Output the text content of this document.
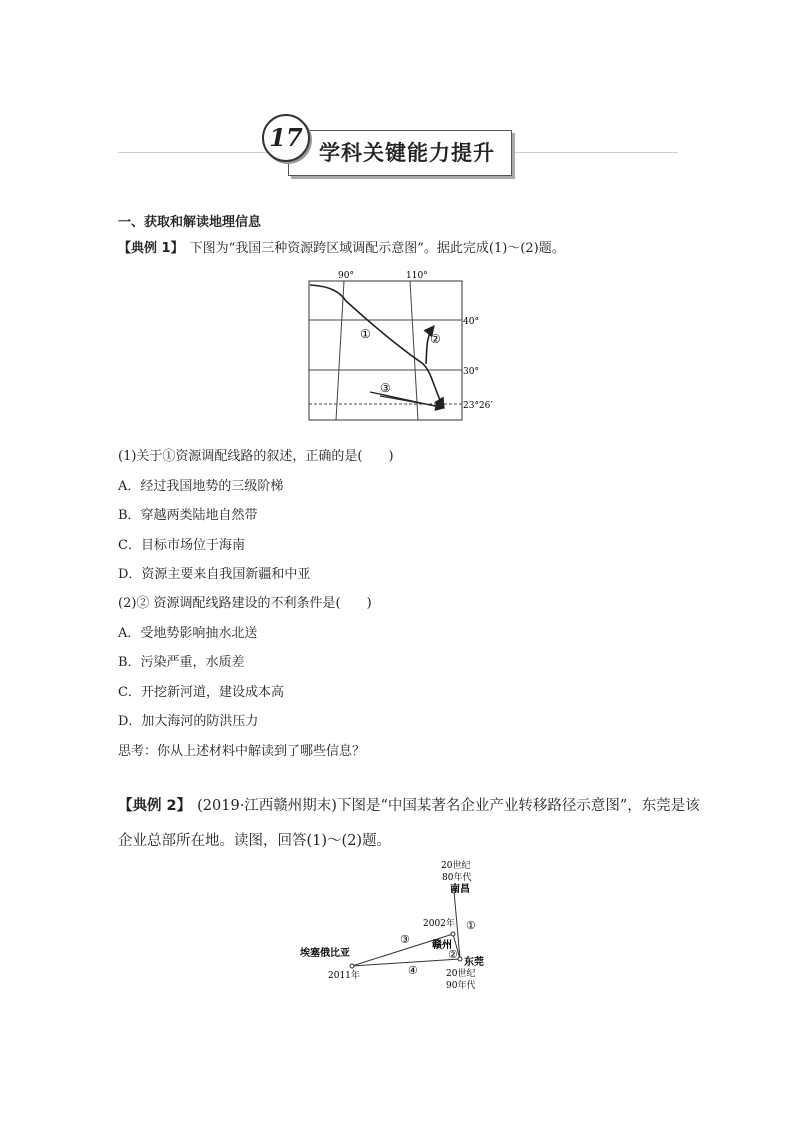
17
学科关键能力提升
一、获取和解读地理信息
【典例 1】 下图为“我国三种资源跨区域调配示意图”。据此完成(1)～(2)题。
90°	110°
40°
30°
23°26′
①	②
③
(1)关于①资源调配线路的叙述，正确的是(　　)
A．经过我国地势的三级阶梯
B．穿越两类陆地自然带
C．目标市场位于海南
D．资源主要来自我国新疆和中亚
(2)② 资源调配线路建设的不利条件是(　　)
A．受地势影响抽水北送
B．污染严重，水质差
C．开挖新河道，建设成本高
D．加大海河的防洪压力
思考：你从上述材料中解读到了哪些信息？
【典例 2】 (2019·江西赣州期末)下图是“中国某著名企业产业转移路径示意图”，东莞是该
企业总部所在地。读图，回答(1)～(2)题。
20世纪
80年代
南昌
2002年
赣州
埃塞俄比亚
2011年
东莞
20世纪
90年代
①
②
③
④
